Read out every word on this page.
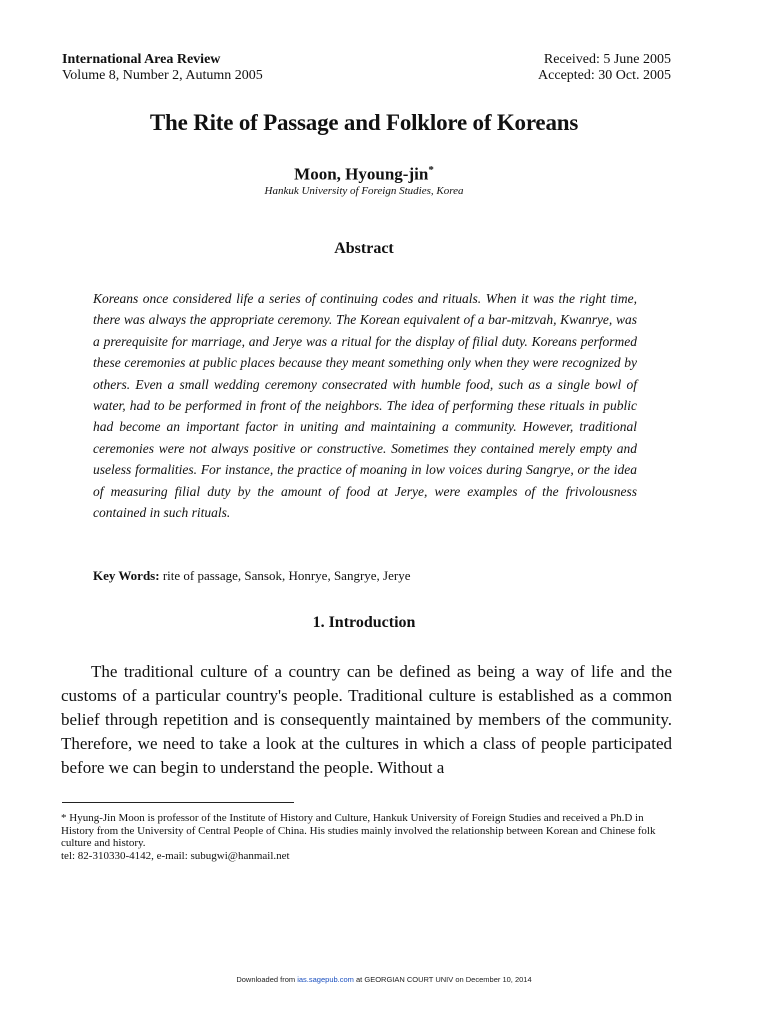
International Area Review
Volume 8, Number 2, Autumn 2005
Received: 5 June 2005
Accepted: 30 Oct. 2005
The Rite of Passage and Folklore of Koreans
Moon, Hyoung-jin*
Hankuk University of Foreign Studies, Korea
Abstract
Koreans once considered life a series of continuing codes and rituals. When it was the right time, there was always the appropriate ceremony. The Korean equivalent of a bar-mitzvah, Kwanrye, was a prerequisite for marriage, and Jerye was a ritual for the display of filial duty. Koreans performed these ceremonies at public places because they meant something only when they were recognized by others. Even a small wedding ceremony consecrated with humble food, such as a single bowl of water, had to be performed in front of the neighbors. The idea of performing these rituals in public had become an important factor in uniting and maintaining a community. However, traditional ceremonies were not always positive or constructive. Sometimes they contained merely empty and useless formalities. For instance, the practice of moaning in low voices during Sangrye, or the idea of measuring filial duty by the amount of food at Jerye, were examples of the frivolousness contained in such rituals.
Key Words: rite of passage, Sansok, Honrye, Sangrye, Jerye
1. Introduction
The traditional culture of a country can be defined as being a way of life and the customs of a particular country's people. Traditional culture is established as a common belief through repetition and is consequently maintained by members of the community. Therefore, we need to take a look at the cultures in which a class of people participated before we can begin to understand the people. Without a
* Hyung-Jin Moon is professor of the Institute of History and Culture, Hankuk University of Foreign Studies and received a Ph.D in History from the University of Central People of China. His studies mainly involved the relationship between Korean and Chinese folk culture and history.
tel: 82-310330-4142, e-mail: subugwi@hanmail.net
Downloaded from ias.sagepub.com at GEORGIAN COURT UNIV on December 10, 2014
